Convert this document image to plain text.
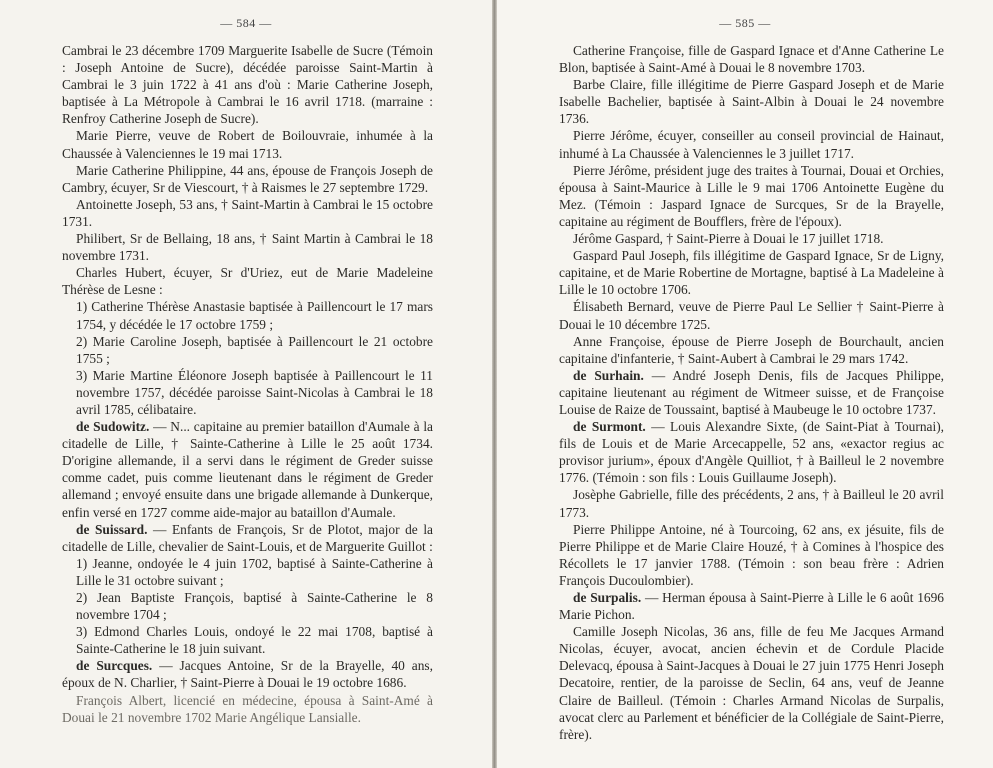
— 584 —

Cambrai le 23 décembre 1709 Marguerite Isabelle de Sucre (Témoin : Joseph Antoine de Sucre), décédée paroisse Saint-Martin à Cambrai le 3 juin 1722 à 41 ans d'où : Marie Catherine Joseph, baptisée à La Métropole à Cambrai le 16 avril 1718. (marraine : Renfroy Catherine Joseph de Sucre).

Marie Pierre, veuve de Robert de Boilouvraie, inhumée à la Chaussée à Valenciennes le 19 mai 1713.

Marie Catherine Philippine, 44 ans, épouse de François Joseph de Cambry, écuyer, Sr de Viescourt, † à Raismes le 27 septembre 1729.

Antoinette Joseph, 53 ans, † Saint-Martin à Cambrai le 15 octobre 1731.

Philibert, Sr de Bellaing, 18 ans, † Saint Martin à Cambrai le 18 novembre 1731.

Charles Hubert, écuyer, Sr d'Uriez, eut de Marie Madeleine Thérèse de Lesne :

1) Catherine Thérèse Anastasie baptisée à Paillencourt le 17 mars 1754, y décédée le 17 octobre 1759 ;

2) Marie Caroline Joseph, baptisée à Paillencourt le 21 octobre 1755 ;

3) Marie Martine Éléonore Joseph baptisée à Paillencourt le 11 novembre 1757, décédée paroisse Saint-Nicolas à Cambrai le 18 avril 1785, célibataire.

de Sudowitz. — N... capitaine au premier bataillon d'Aumale à la citadelle de Lille, † Sainte-Catherine à Lille le 25 août 1734. D'origine allemande, il a servi dans le régiment de Greder suisse comme cadet, puis comme lieutenant dans le régiment de Greder allemand ; envoyé ensuite dans une brigade allemande à Dunkerque, enfin versé en 1727 comme aide-major au bataillon d'Aumale.

de Suissard. — Enfants de François, Sr de Plotot, major de la citadelle de Lille, chevalier de Saint-Louis, et de Marguerite Guillot :

1) Jeanne, ondoyée le 4 juin 1702, baptisé à Sainte-Catherine à Lille le 31 octobre suivant ;

2) Jean Baptiste François, baptisé à Sainte-Catherine le 8 novembre 1704 ;

3) Edmond Charles Louis, ondoyé le 22 mai 1708, baptisé à Sainte-Catherine le 18 juin suivant.

de Surcques. — Jacques Antoine, Sr de la Brayelle, 40 ans, époux de N. Charlier, † Saint-Pierre à Douai le 19 octobre 1686.

François Albert, licencié en médecine, épousa à Saint-Amé à Douai le 21 novembre 1702 Marie Angélique Lansialle.

— 585 —

Catherine Françoise, fille de Gaspard Ignace et d'Anne Catherine Le Blon, baptisée à Saint-Amé à Douai le 8 novembre 1703.

Barbe Claire, fille illégitime de Pierre Gaspard Joseph et de Marie Isabelle Bachelier, baptisée à Saint-Albin à Douai le 24 novembre 1736.

Pierre Jérôme, écuyer, conseiller au conseil provincial de Hainaut, inhumé à La Chaussée à Valenciennes le 3 juillet 1717.

Pierre Jérôme, président juge des traites à Tournai, Douai et Orchies, épousa à Saint-Maurice à Lille le 9 mai 1706 Antoinette Eugène du Mez. (Témoin : Jaspard Ignace de Surcques, Sr de la Brayelle, capitaine au régiment de Boufflers, frère de l'époux).

Jérôme Gaspard, † Saint-Pierre à Douai le 17 juillet 1718.

Gaspard Paul Joseph, fils illégitime de Gaspard Ignace, Sr de Ligny, capitaine, et de Marie Robertine de Mortagne, baptisé à La Madeleine à Lille le 10 octobre 1706.

Élisabeth Bernard, veuve de Pierre Paul Le Sellier † Saint-Pierre à Douai le 10 décembre 1725.

Anne Françoise, épouse de Pierre Joseph de Bourchault, ancien capitaine d'infanterie, † Saint-Aubert à Cambrai le 29 mars 1742.

de Surhain. — André Joseph Denis, fils de Jacques Philippe, capitaine lieutenant au régiment de Witmeer suisse, et de Françoise Louise de Raize de Toussaint, baptisé à Maubeuge le 10 octobre 1737.

de Surmont. — Louis Alexandre Sixte, (de Saint-Piat à Tournai), fils de Louis et de Marie Arcecappelle, 52 ans, «exactor regius ac provisor jurium», époux d'Angèle Quilliot, † à Bailleul le 2 novembre 1776. (Témoin : son fils : Louis Guillaume Joseph).

Josèphe Gabrielle, fille des précédents, 2 ans, † à Bailleul le 20 avril 1773.

Pierre Philippe Antoine, né à Tourcoing, 62 ans, ex jésuite, fils de Pierre Philippe et de Marie Claire Houzé, † à Comines à l'hospice des Récollets le 17 janvier 1788. (Témoin : son beau frère : Adrien François Ducoulombier).

de Surpalis. — Herman épousa à Saint-Pierre à Lille le 6 août 1696 Marie Pichon.

Camille Joseph Nicolas, 36 ans, fille de feu Me Jacques Armand Nicolas, écuyer, avocat, ancien échevin et de Cordule Placide Delevacq, épousa à Saint-Jacques à Douai le 27 juin 1775 Henri Joseph Decatoire, rentier, de la paroisse de Seclin, 64 ans, veuf de Jeanne Claire de Bailleul. (Témoin : Charles Armand Nicolas de Surpalis, avocat clerc au Parlement et bénéficier de la Collégiale de Saint-Pierre, frère).
